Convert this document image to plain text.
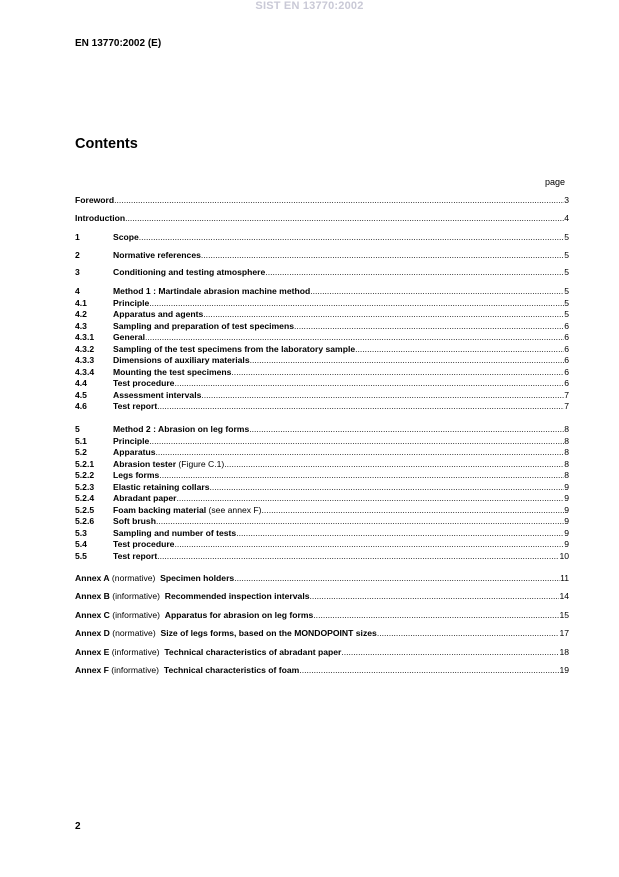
SIST EN 13770:2002
EN 13770:2002 (E)
Contents
page
Foreword .....	3
Introduction .....	4
1	Scope .....	5
2	Normative references .....	5
3	Conditioning and testing atmosphere .....	5
4	Method 1 : Martindale abrasion machine method .....	5
4.1	Principle .....	5
4.2	Apparatus and agents .....	5
4.3	Sampling and preparation of test specimens .....	6
4.3.1 General .....	6
4.3.2 Sampling of the test specimens from the laboratory sample .....	6
4.3.3 Dimensions of auxiliary materials .....	6
4.3.4 Mounting the test specimens .....	6
4.4	Test procedure .....	6
4.5	Assessment intervals .....	7
4.6	Test report .....	7
5	Method 2 : Abrasion on leg forms .....	8
5.1	Principle .....	8
5.2	Apparatus .....	8
5.2.1 Abrasion tester (Figure C.1) .....	8
5.2.2 Legs forms .....	8
5.2.3 Elastic retaining collars .....	9
5.2.4 Abradant paper .....	9
5.2.5 Foam backing material (see annex F) .....	9
5.2.6 Soft brush .....	9
5.3	Sampling and number of tests .....	9
5.4	Test procedure .....	9
5.5	Test report .....	10
Annex A (normative) Specimen holders .....	11
Annex B (informative) Recommended inspection intervals .....	14
Annex C (informative) Apparatus for abrasion on leg forms .....	15
Annex D (normative) Size of legs forms, based on the MONDOPOINT sizes .....	17
Annex E (informative) Technical characteristics of abradant paper .....	18
Annex F (informative) Technical characteristics of foam .....	19
2
